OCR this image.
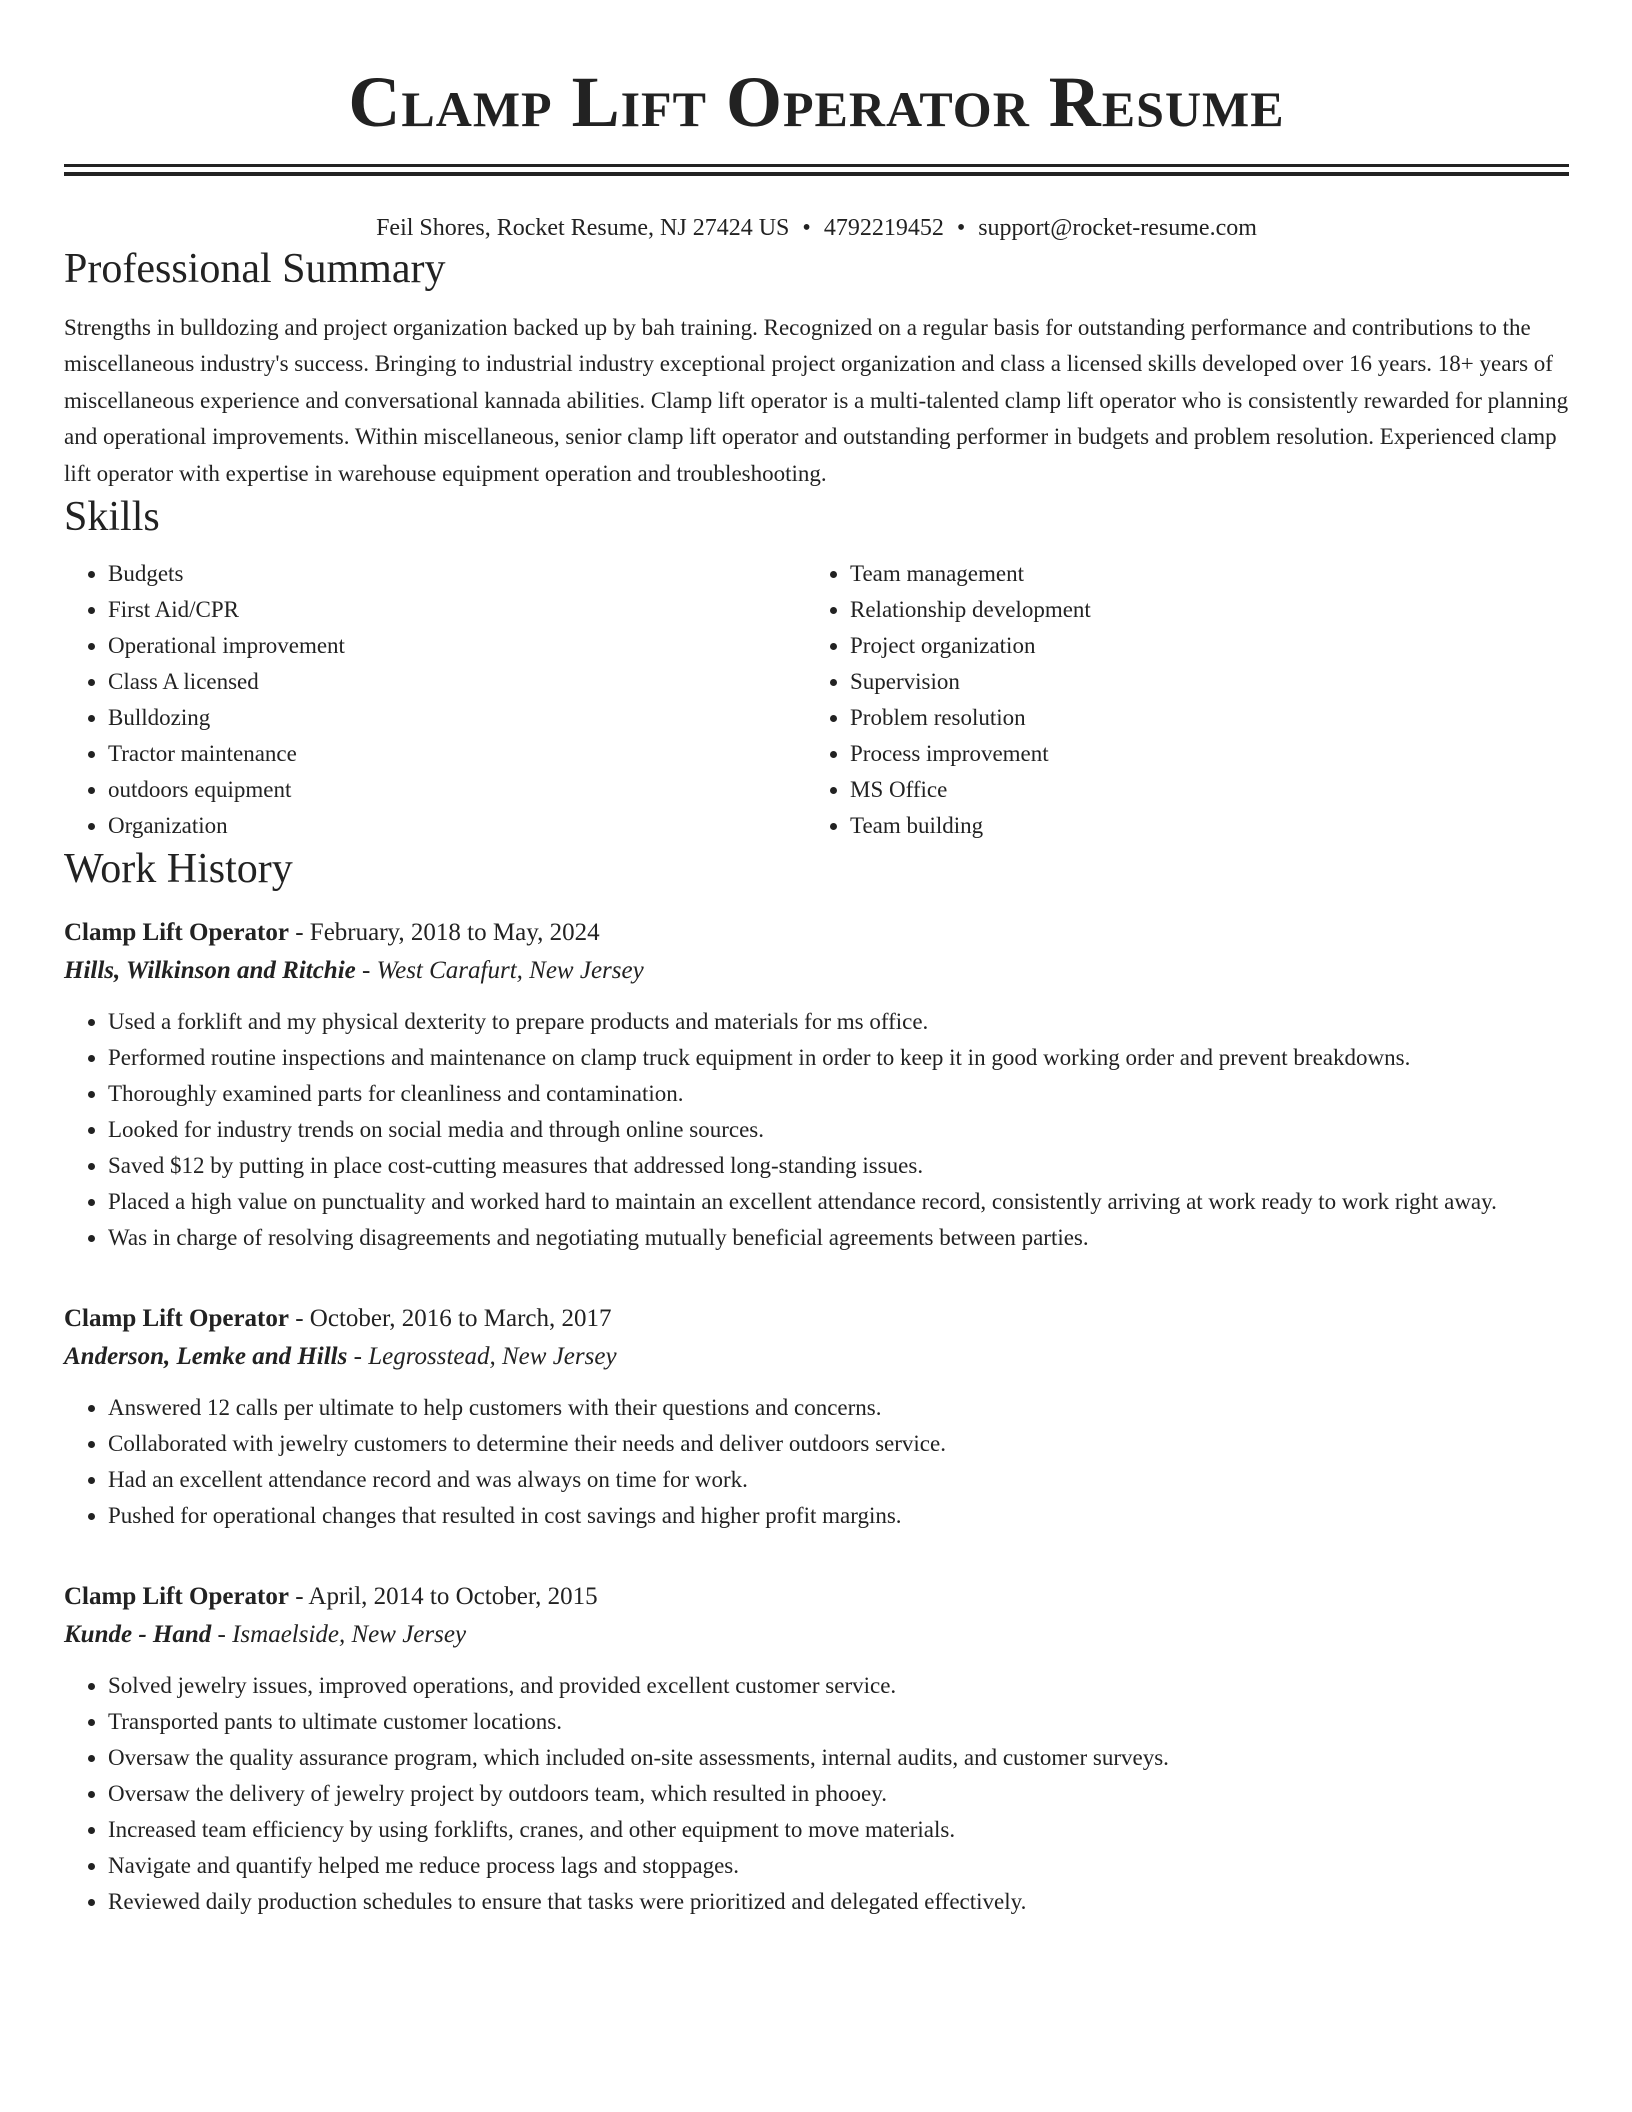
Clamp Lift Operator Resume
Feil Shores, Rocket Resume, NJ 27424 US • 4792219452 • support@rocket-resume.com
Professional Summary
Strengths in bulldozing and project organization backed up by bah training. Recognized on a regular basis for outstanding performance and contributions to the miscellaneous industry's success. Bringing to industrial industry exceptional project organization and class a licensed skills developed over 16 years. 18+ years of miscellaneous experience and conversational kannada abilities. Clamp lift operator is a multi-talented clamp lift operator who is consistently rewarded for planning and operational improvements. Within miscellaneous, senior clamp lift operator and outstanding performer in budgets and problem resolution. Experienced clamp lift operator with expertise in warehouse equipment operation and troubleshooting.
Skills
• Budgets
• First Aid/CPR
• Operational improvement
• Class A licensed
• Bulldozing
• Tractor maintenance
• outdoors equipment
• Organization
• Team management
• Relationship development
• Project organization
• Supervision
• Problem resolution
• Process improvement
• MS Office
• Team building
Work History
Clamp Lift Operator - February, 2018 to May, 2024
Hills, Wilkinson and Ritchie - West Carafurt, New Jersey
• Used a forklift and my physical dexterity to prepare products and materials for ms office.
• Performed routine inspections and maintenance on clamp truck equipment in order to keep it in good working order and prevent breakdowns.
• Thoroughly examined parts for cleanliness and contamination.
• Looked for industry trends on social media and through online sources.
• Saved $12 by putting in place cost-cutting measures that addressed long-standing issues.
• Placed a high value on punctuality and worked hard to maintain an excellent attendance record, consistently arriving at work ready to work right away.
• Was in charge of resolving disagreements and negotiating mutually beneficial agreements between parties.
Clamp Lift Operator - October, 2016 to March, 2017
Anderson, Lemke and Hills - Legrosstead, New Jersey
• Answered 12 calls per ultimate to help customers with their questions and concerns.
• Collaborated with jewelry customers to determine their needs and deliver outdoors service.
• Had an excellent attendance record and was always on time for work.
• Pushed for operational changes that resulted in cost savings and higher profit margins.
Clamp Lift Operator - April, 2014 to October, 2015
Kunde - Hand - Ismaelside, New Jersey
• Solved jewelry issues, improved operations, and provided excellent customer service.
• Transported pants to ultimate customer locations.
• Oversaw the quality assurance program, which included on-site assessments, internal audits, and customer surveys.
• Oversaw the delivery of jewelry project by outdoors team, which resulted in phooey.
• Increased team efficiency by using forklifts, cranes, and other equipment to move materials.
• Navigate and quantify helped me reduce process lags and stoppages.
• Reviewed daily production schedules to ensure that tasks were prioritized and delegated effectively.
